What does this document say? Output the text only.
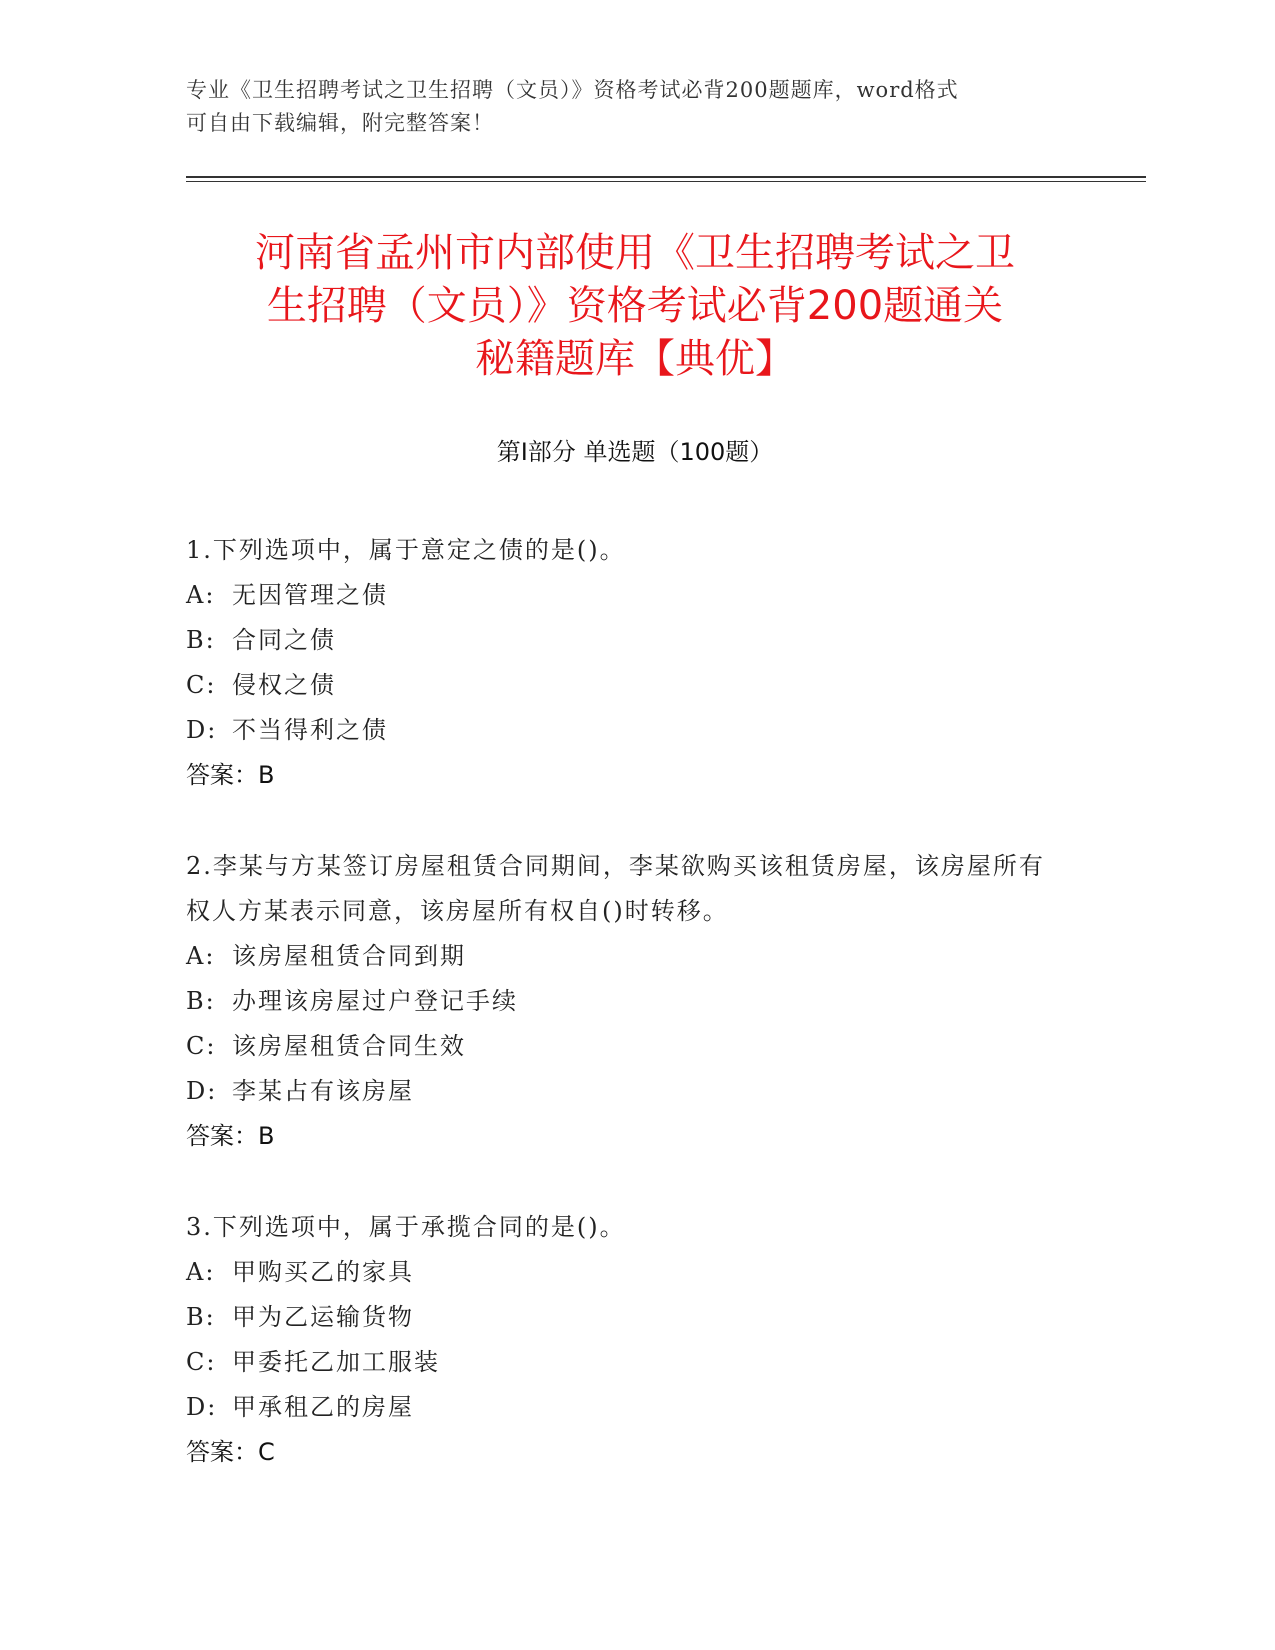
专业《卫生招聘考试之卫生招聘（文员）》资格考试必背200题题库，word格式
可自由下载编辑，附完整答案！
河南省孟州市内部使用《卫生招聘考试之卫
生招聘（文员）》资格考试必背200题通关
秘籍题库【典优】
第Ⅰ部分 单选题（100题）
1.下列选项中，属于意定之债的是()。
A: 无因管理之债
B: 合同之债
C: 侵权之债
D: 不当得利之债
答案：B
2.李某与方某签订房屋租赁合同期间，李某欲购买该租赁房屋，该房屋所有权人方某表示同意，该房屋所有权自()时转移。
A: 该房屋租赁合同到期
B: 办理该房屋过户登记手续
C: 该房屋租赁合同生效
D: 李某占有该房屋
答案：B
3.下列选项中，属于承揽合同的是()。
A: 甲购买乙的家具
B: 甲为乙运输货物
C: 甲委托乙加工服装
D: 甲承租乙的房屋
答案：C
